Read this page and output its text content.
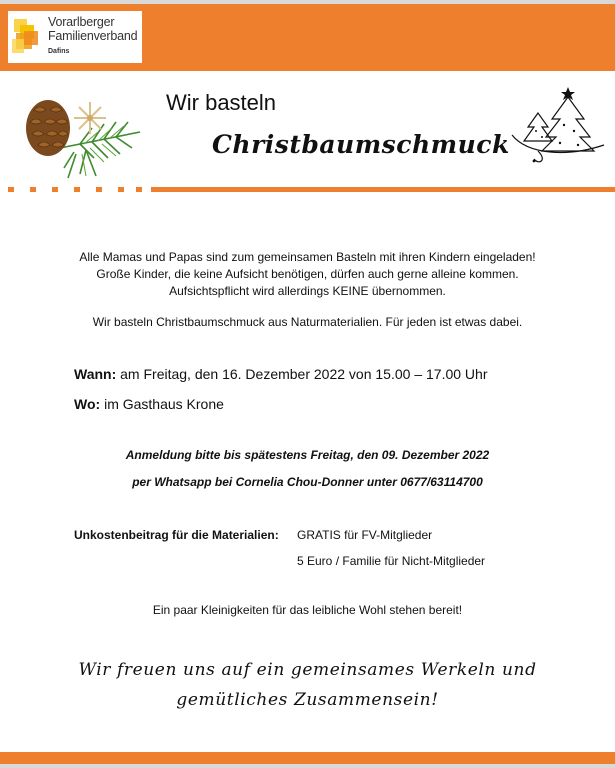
Vorarlberger
Familienverband
Dafins
Wir basteln
Christbaumschmuck
Alle Mamas und Papas sind zum gemeinsamen Basteln mit ihren Kindern eingeladen!
Große Kinder, die keine Aufsicht benötigen, dürfen auch gerne alleine kommen.
Aufsichtspflicht wird allerdings KEINE übernommen.
Wir basteln Christbaumschmuck aus Naturmaterialien. Für jeden ist etwas dabei.
Wann: am Freitag, den 16. Dezember 2022 von 15.00 – 17.00 Uhr
Wo: im Gasthaus Krone
Anmeldung bitte bis spätestens Freitag, den 09. Dezember 2022
per Whatsapp bei Cornelia Chou-Donner unter 0677/63114700
Unkostenbeitrag für die Materialien: GRATIS für FV-Mitglieder
5 Euro / Familie für Nicht-Mitglieder
Ein paar Kleinigkeiten für das leibliche Wohl stehen bereit!
Wir freuen uns auf ein gemeinsames Werkeln und
gemütliches Zusammensein!
